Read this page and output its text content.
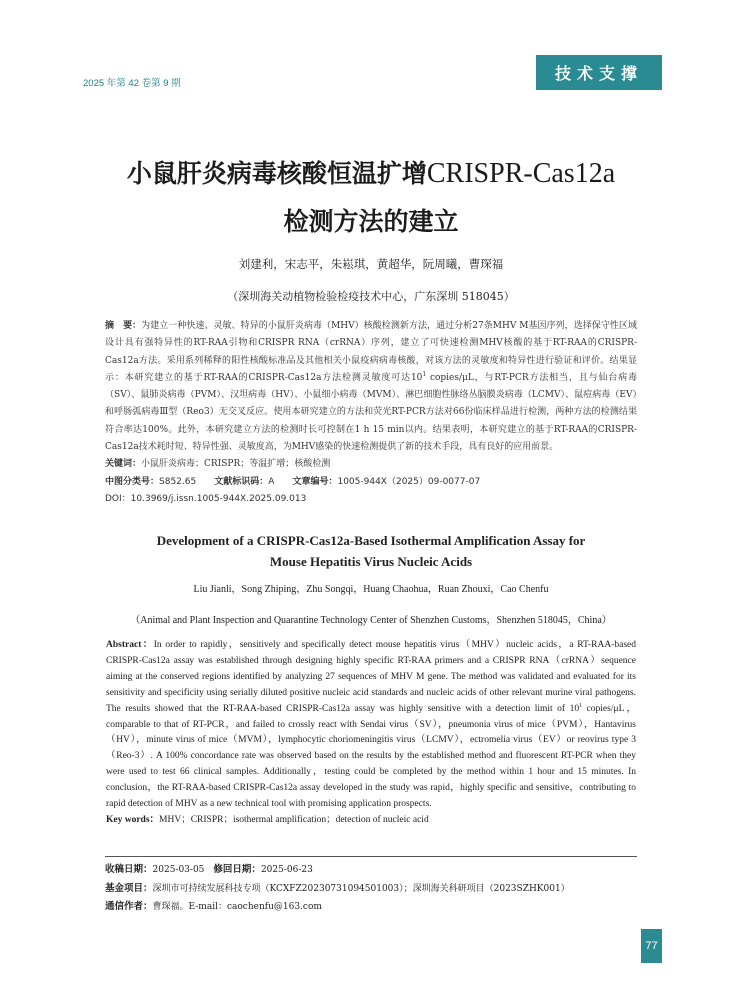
2025 年第 42 卷第 9 期
技术支撑
小鼠肝炎病毒核酸恒温扩增CRISPR-Cas12a
检测方法的建立
刘建利，宋志平，朱崧琪，黄超华，阮周曦，曹琛福
（深圳海关动植物检验检疫技术中心，广东深圳 518045）
摘　要：为建立一种快速、灵敏、特异的小鼠肝炎病毒（MHV）核酸检测新方法，通过分析27条MHV M基因序列，选择保守性区域设计具有强特异性的RT-RAA引物和CRISPR RNA（crRNA）序列，建立了可快速检测MHV核酸的基于RT-RAA的CRISPR-Cas12a方法。采用系列稀释的阳性核酸标准品及其他相关小鼠疫病病毒核酸，对该方法的灵敏度和特异性进行验证和评价。结果显示：本研究建立的基于RT-RAA的CRISPR-Cas12a方法检测灵敏度可达$10^1$ copies/μL，与RT-PCR方法相当，且与仙台病毒（SV）、鼠肺炎病毒（PVM）、汉坦病毒（HV）、小鼠细小病毒（MVM）、淋巴细胞性脉络丛脑膜炎病毒（LCMV）、鼠痘病毒（EV）和呼肠弧病毒Ⅲ型（Reo3）无交叉反应。使用本研究建立的方法和荧光RT-PCR方法对66份临床样品进行检测，两种方法的检测结果符合率达100%。此外，本研究建立方法的检测时长可控制在1 h 15 min以内。结果表明，本研究建立的基于RT-RAA的CRISPR-Cas12a技术耗时短、特异性强、灵敏度高，为MHV感染的快速检测提供了新的技术手段，具有良好的应用前景。
关键词：小鼠肝炎病毒；CRISPR；等温扩增；核酸检测
中图分类号：S852.65　　 文献标识码：A　　 文章编号：1005-944X（2025）09-0077-07
DOI：10.3969/j.issn.1005-944X.2025.09.013
Development of a CRISPR-Cas12a-Based Isothermal Amplification Assay for
Mouse Hepatitis Virus Nucleic Acids
Liu Jianli，Song Zhiping，Zhu Songqi，Huang Chaohua，Ruan Zhouxi，Cao Chenfu
（Animal and Plant Inspection and Quarantine Technology Center of Shenzhen Customs，Shenzhen 518045，China）
Abstract：In order to rapidly，sensitively and specifically detect mouse hepatitis virus（MHV）nucleic acids，a RT-RAA-based CRISPR-Cas12a assay was established through designing highly specific RT-RAA primers and a CRISPR RNA（crRNA）sequence aiming at the conserved regions identified by analyzing 27 sequences of MHV M gene. The method was validated and evaluated for its sensitivity and specificity using serially diluted positive nucleic acid standards and nucleic acids of other relevant murine viral pathogens. The results showed that the RT-RAA-based CRISPR-Cas12a assay was highly sensitive with a detection limit of $10^1$ copies/μL，comparable to that of RT-PCR，and failed to crossly react with Sendai virus（SV），pneumonia virus of mice（PVM），Hantavirus（HV），minute virus of mice（MVM），lymphocytic choriomeningitis virus（LCMV），ectromelia virus（EV）or reovirus type 3（Reo-3）. A 100% concordance rate was observed based on the results by the established method and fluorescent RT-PCR when they were used to test 66 clinical samples. Additionally，testing could be completed by the method within 1 hour and 15 minutes. In conclusion，the RT-RAA-based CRISPR-Cas12a assay developed in the study was rapid，highly specific and sensitive，contributing to rapid detection of MHV as a new technical tool with promising application prospects.
Key words：MHV；CRISPR；isothermal amplification；detection of nucleic acid
收稿日期：2025-03-05　 修回日期：2025-06-23
基金项目：深圳市可持续发展科技专项（KCXFZ20230731094501003）；深圳海关科研项目（2023SZHK001）
通信作者：曹琛福。E-mail：caochenfu@163.com
77
